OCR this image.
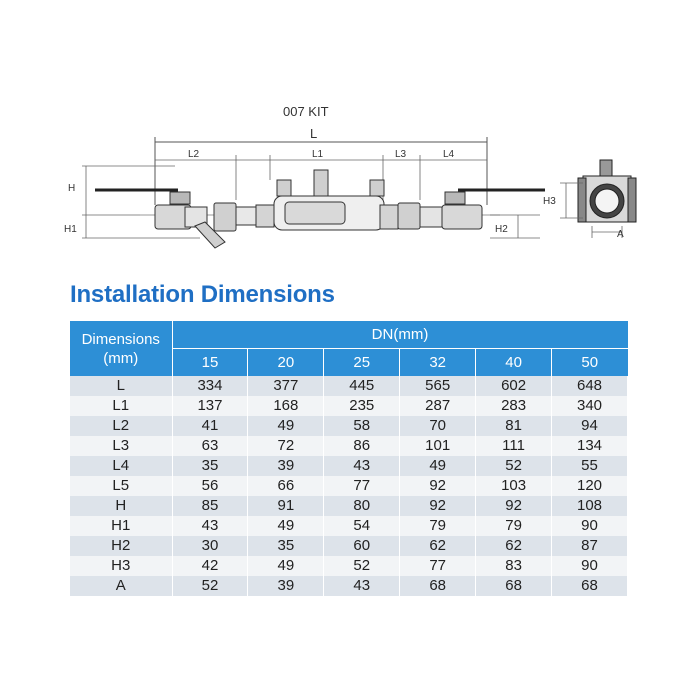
007 KIT
L
L2	L1	L3	L4
H
H1	H2
H3
A
Installation Dimensions
Dimensions
(mm)	DN(mm)					
	15	20	25	32	40	50
L	334	377	445	565	602	648
L1	137	168	235	287	283	340
L2	41	49	58	70	81	94
L3	63	72	86	101	111	134
L4	35	39	43	49	52	55
L5	56	66	77	92	103	120
H	85	91	80	92	92	108
H1	43	49	54	79	79	90
H2	30	35	60	62	62	87
H3	42	49	52	77	83	90
A	52	39	43	68	68	68
